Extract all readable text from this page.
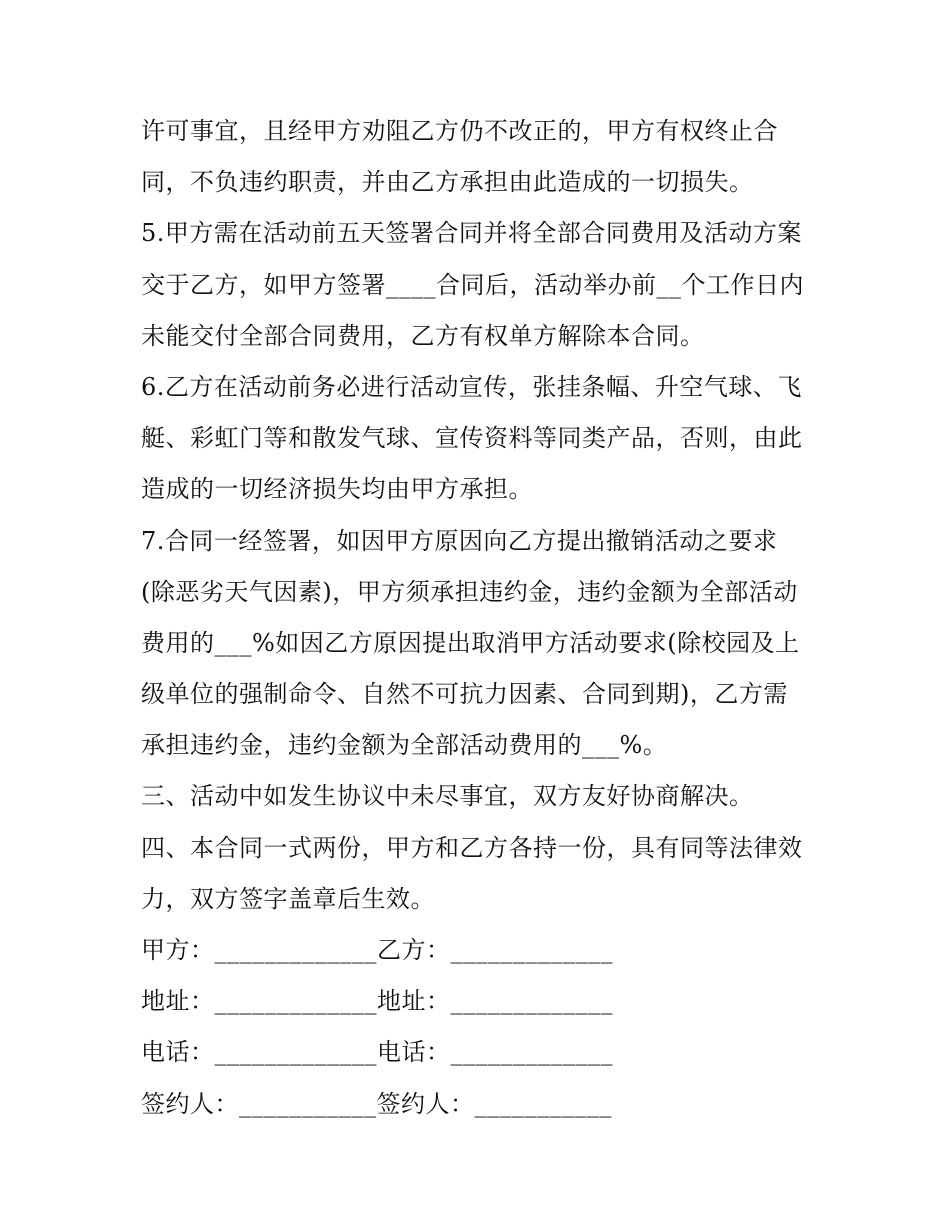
许可事宜，且经甲方劝阻乙方仍不改正的，甲方有权终止合
同，不负违约职责，并由乙方承担由此造成的一切损失。
5.甲方需在活动前五天签署合同并将全部合同费用及活动方案
交于乙方，如甲方签署____合同后，活动举办前__个工作日内
未能交付全部合同费用，乙方有权单方解除本合同。
6.乙方在活动前务必进行活动宣传，张挂条幅、升空气球、飞
艇、彩虹门等和散发气球、宣传资料等同类产品，否则，由此
造成的一切经济损失均由甲方承担。
7.合同一经签署，如因甲方原因向乙方提出撤销活动之要求
(除恶劣天气因素)，甲方须承担违约金，违约金额为全部活动
费用的___%如因乙方原因提出取消甲方活动要求(除校园及上
级单位的强制命令、自然不可抗力因素、合同到期)，乙方需
承担违约金，违约金额为全部活动费用的___%。
三、活动中如发生协议中未尽事宜，双方友好协商解决。
四、本合同一式两份，甲方和乙方各持一份，具有同等法律效
力，双方签字盖章后生效。
甲方：_____________乙方：_____________
地址：_____________地址：_____________
电话：_____________电话：_____________
签约人：___________签约人：___________
